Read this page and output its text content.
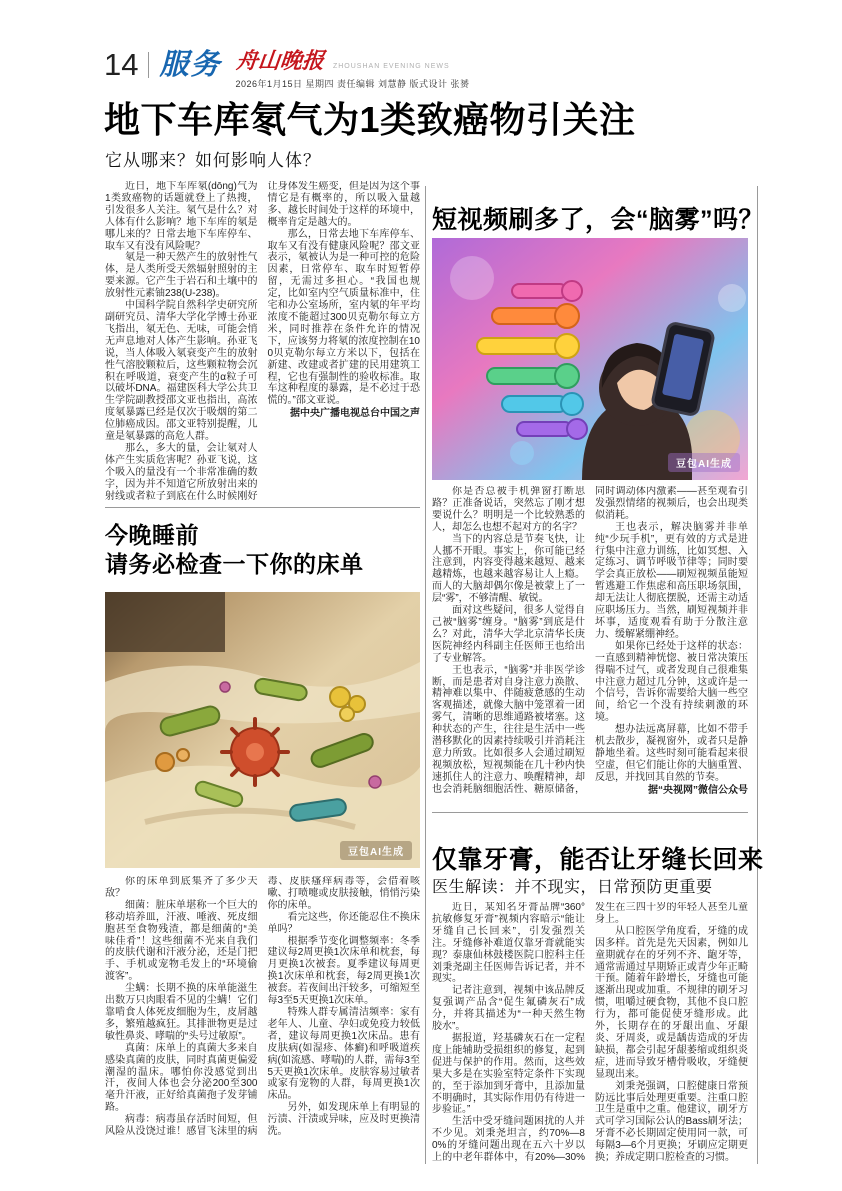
14 服务 舟山晚报 ZHOUSHAN EVENING NEWS
2026年1月15日 星期四 责任编辑 刘慧静 版式设计 张赟
地下车库氡气为1类致癌物引关注
它从哪来？如何影响人体？

近日，地下车库氡(dōng)气为1类致癌物的话题就登上了热搜，引发很多人关注。氡气是什么？对人体有什么影响？地下车库的氡是哪儿来的？日常去地下车库停车、取车又有没有风险呢？

氡是一种天然产生的放射性气体，是人类所受天然辐射照射的主要来源。它产生于岩石和土壤中的放射性元素铀238(U-238)。

中国科学院自然科学史研究所副研究员、清华大学化学博士孙亚飞指出，氡无色、无味，可能会悄无声息地对人体产生影响。孙亚飞说，当人体吸入氡衰变产生的放射性气溶胶颗粒后，这些颗粒物会沉积在呼吸道，衰变产生的α粒子可以破坏DNA。福建医科大学公共卫生学院副教授邵文亚也指出，高浓度氡暴露已经是仅次于吸烟的第二位肺癌成因。邵文亚特别提醒，儿童是氡暴露的高危人群。

那么，多大的量，会让氡对人体产生实质危害呢？孙亚飞说，这个吸入的量没有一个非常准确的数字，因为并不知道它所放射出来的射线或者粒子到底在什么时候刚好让身体发生癌变，但是因为这个事情它是有概率的，所以吸入量越多、越长时间处于这样的环境中，概率肯定是越大的。

那么，日常去地下车库停车、取车又有没有健康风险呢？邵文亚表示，氡被认为是一种可控的危险因素，日常停车、取车时短暂停留，无需过多担心。“我国也规定，比如室内空气质量标准中，住宅和办公室场所，室内氡的年平均浓度不能超过300贝克勒尔每立方米，同时推荐在条件允许的情况下，应该努力将氡的浓度控制在100贝克勒尔每立方米以下，包括在新建、改建或者扩建的民用建筑工程，它也有强制性的验收标准。取车这种程度的暴露，是不必过于恐慌的。”邵文亚说。

据中央广播电视总台中国之声

今晚睡前
请务必检查一下你的床单
豆包AI生成

你的床单到底集齐了多少天敌？

细菌：脏床单堪称一个巨大的移动培养皿，汗液、唾液、死皮细胞甚至食物残渣，都是细菌的“美味佳肴”！这些细菌不光来自我们的皮肤代谢和汗液分泌，还是门把手、手机或宠物毛发上的“环境偷渡客”。

尘螨：长期不换的床单能滋生出数万只肉眼看不见的尘螨！它们靠啃食人体死皮细胞为生，皮屑越多，繁殖越疯狂。其排泄物更是过敏性鼻炎、哮喘的“头号过敏原”。

真菌：床单上的真菌大多来自感染真菌的皮肤，同时真菌更偏爱潮湿的温床。哪怕你没感觉到出汗，夜间人体也会分泌200至300毫升汗液，正好给真菌孢子发芽铺路。

病毒：病毒虽存活时间短，但风险从没饶过谁！感冒飞沫里的病毒、皮肤瘙痒病毒等，会借着咳嗽、打喷嚏或皮肤接触，悄悄污染你的床单。

看完这些，你还能忍住不换床单吗？

根据季节变化调整频率：冬季建议每2周更换1次床单和枕套，每月更换1次被套。夏季建议每周更换1次床单和枕套，每2周更换1次被套。若夜间出汗较多，可缩短至每3至5天更换1次床单。

特殊人群专属清洁频率：家有老年人、儿童、孕妇或免疫力较低者，建议每周更换1次床品。患有皮肤病(如湿疹、体癣)和呼吸道疾病(如流感、哮喘)的人群，需每3至5天更换1次床单。皮肤容易过敏者或家有宠物的人群，每周更换1次床品。

另外，如发现床单上有明显的污渍、汗渍或异味，应及时更换清洗。

短视频刷多了，会“脑雾”吗？
豆包AI生成

你是否总被手机弹窗打断思路？正准备说话，突然忘了刚才想要说什么？明明是一个比较熟悉的人，却怎么也想不起对方的名字？

当下的内容总是节奏飞快，让人挪不开眼。事实上，你可能已经注意到，内容变得越来越短、越来越精炼，也越来越容易让人上瘾。而人的大脑却偶尔像是被蒙上了一层“雾”，不够清醒、敏锐。

面对这些疑问，很多人觉得自己被“脑雾”缠身。“脑雾”到底是什么？对此，清华大学北京清华长庚医院神经内科副主任医师王也给出了专业解答。

王也表示，“脑雾”并非医学诊断，而是患者对自身注意力涣散、精神难以集中、伴随疲惫感的生动客观描述，就像大脑中笼罩着一团雾气，清晰的思维通路被堵塞。这种状态的产生，往往是生活中一些潜移默化的因素持续吸引并消耗注意力所致。比如很多人会通过刷短视频放松，短视频能在几十秒内快速抓住人的注意力、唤醒精神，却也会消耗脑细胞活性、糖原储备，同时调动体内激素——甚至观看引发强烈情绪的视频后，也会出现类似消耗。

王也表示，解决脑雾并非单纯“少玩手机”，更有效的方式是进行集中注意力训练，比如冥想、入定练习、调节呼吸节律等；同时要学会真正放松——刷短视频虽能短暂逃避工作焦虑和高压职场氛围，却无法让人彻底摆脱，还需主动适应职场压力。当然，刷短视频并非坏事，适度观看有助于分散注意力、缓解紧绷神经。

如果你已经处于这样的状态：一直感到精神恍惚、被日常决策压得喘不过气，或者发现自己很难集中注意力超过几分钟，这或许是一个信号，告诉你需要给大脑一些空间，给它一个没有持续刺激的环境。

想办法远离屏幕，比如不带手机去散步，凝视窗外，或者只是静静地坐着。这些时刻可能看起来很空虚，但它们能让你的大脑重置、反思，并找回其自然的节奏。

据“央视网”微信公众号

仅靠牙膏，能否让牙缝长回来
医生解读：并不现实，日常预防更重要

近日，某知名牙膏品牌“360°抗敏修复牙膏”视频内容暗示“能让牙缝自己长回来”，引发强烈关注。牙缝修补难道仅靠牙膏就能实现？泰康仙林鼓楼医院口腔科主任刘秉尧副主任医师告诉记者，并不现实。

记者注意到，视频中该品牌反复强调产品含“促生氟磷灰石”成分，并将其描述为“一种天然生物胶水”。

据报道，羟基磷灰石在一定程度上能辅助受损组织的修复，起到促进与保护的作用。然而，这些效果大多是在实验室特定条件下实现的，至于添加到牙膏中，且添加量不明确时，其实际作用仍有待进一步验证。”

生活中受牙缝问题困扰的人并不少见。刘秉尧坦言，约70%—80%的牙缝问题出现在五六十岁以上的中老年群体中，有20%—30%发生在三四十岁的年轻人甚至儿童身上。

从口腔医学角度看，牙缝的成因多样。首先是先天因素，例如儿童期就存在的牙列不齐、龅牙等，通常需通过早期矫正或青少年正畸干预。随着年龄增长，牙缝也可能逐渐出现或加重。不规律的刷牙习惯，咀嚼过硬食物，其他不良口腔行为，都可能促使牙缝形成。此外，长期存在的牙龈出血、牙龈炎、牙周炎，或是龋齿造成的牙齿缺损，都会引起牙龈萎缩或组织炎症，进而导致牙槽骨吸收，牙缝便显现出来。

刘秉尧强调，口腔健康日常预防远比事后处理更重要。注重口腔卫生是重中之重。他建议，刷牙方式可学习国际公认的Bass刷牙法；牙膏不必长期固定使用同一款，可每隔3—6个月更换；牙刷应定期更换；养成定期口腔检查的习惯。
